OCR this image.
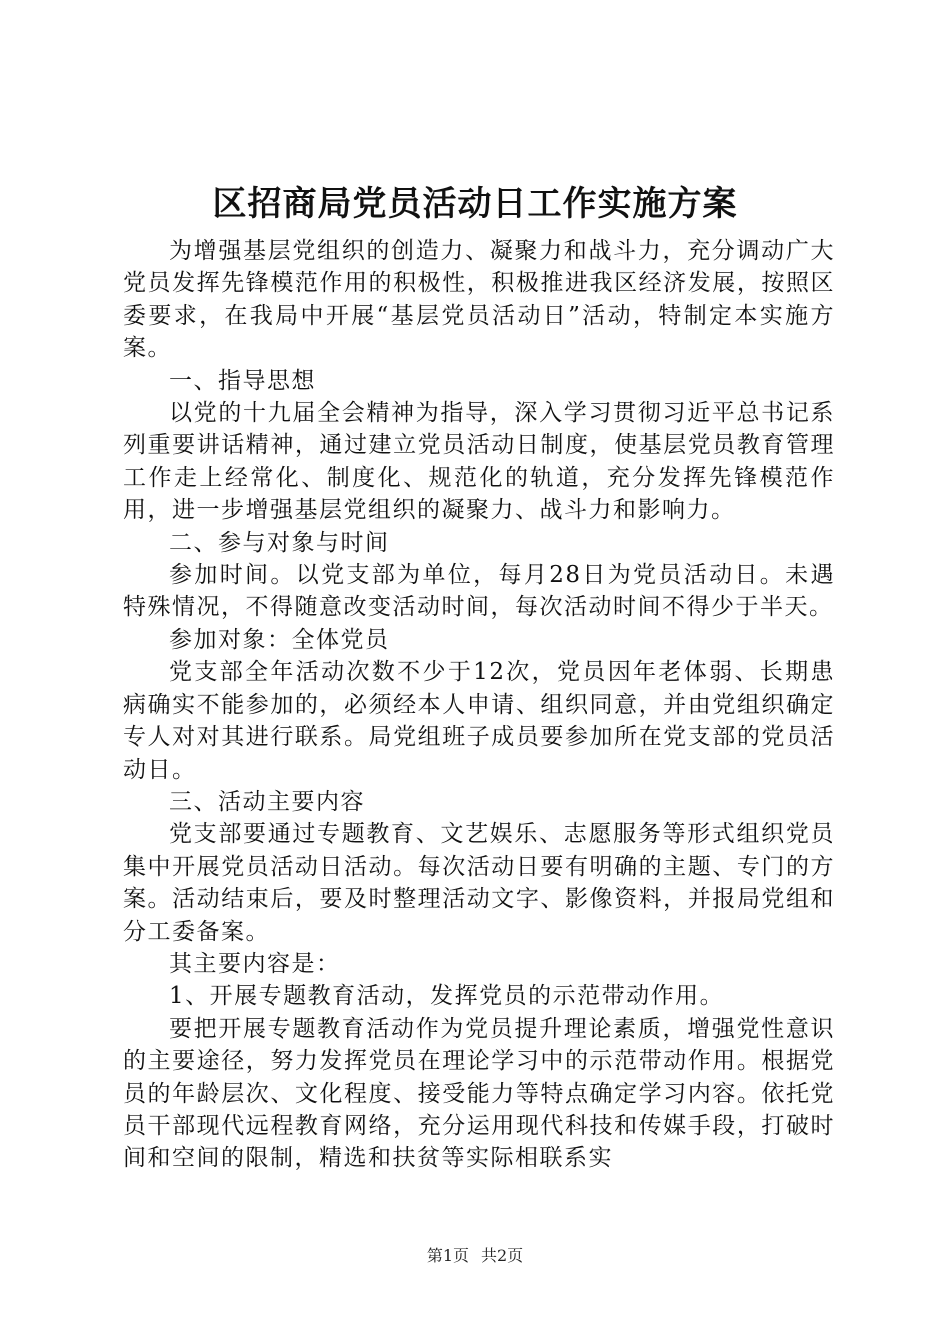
区招商局党员活动日工作实施方案

为增强基层党组织的创造力、凝聚力和战斗力，充分调动广大党员发挥先锋模范作用的积极性，积极推进我区经济发展，按照区委要求，在我局中开展“基层党员活动日”活动，特制定本实施方案。

一、指导思想

以党的十九届全会精神为指导，深入学习贯彻习近平总书记系列重要讲话精神，通过建立党员活动日制度，使基层党员教育管理工作走上经常化、制度化、规范化的轨道，充分发挥先锋模范作用，进一步增强基层党组织的凝聚力、战斗力和影响力。

二、参与对象与时间

参加时间。以党支部为单位，每月28日为党员活动日。未遇特殊情况，不得随意改变活动时间，每次活动时间不得少于半天。

参加对象：全体党员

党支部全年活动次数不少于12次，党员因年老体弱、长期患病确实不能参加的，必须经本人申请、组织同意，并由党组织确定专人对对其进行联系。局党组班子成员要参加所在党支部的党员活动日。

三、活动主要内容

党支部要通过专题教育、文艺娱乐、志愿服务等形式组织党员集中开展党员活动日活动。每次活动日要有明确的主题、专门的方案。活动结束后，要及时整理活动文字、影像资料，并报局党组和分工委备案。

其主要内容是：

1、开展专题教育活动，发挥党员的示范带动作用。

要把开展专题教育活动作为党员提升理论素质，增强党性意识的主要途径，努力发挥党员在理论学习中的示范带动作用。根据党员的年龄层次、文化程度、接受能力等特点确定学习内容。依托党员干部现代远程教育网络，充分运用现代科技和传媒手段，打破时间和空间的限制，精选和扶贫等实际相联系实

第1页 共2页
